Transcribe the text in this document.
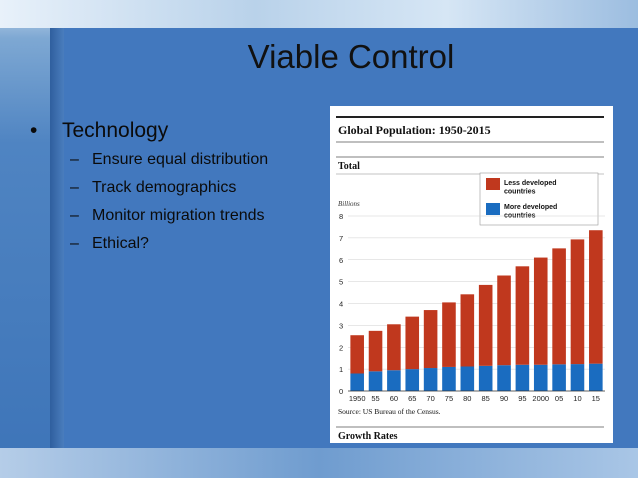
Viable Control
•	Technology
– Ensure equal distribution
– Track demographics
– Monitor migration trends
– Ethical?
Global Population: 1950-2015
Total
Billions
Less developed countries
More developed countries
0
1
2
3
4
5
6
7
8
1950 55 60 65 70 75 80 85 90 95 2000 05 10 15
Source: US Bureau of the Census.
Growth Rates
